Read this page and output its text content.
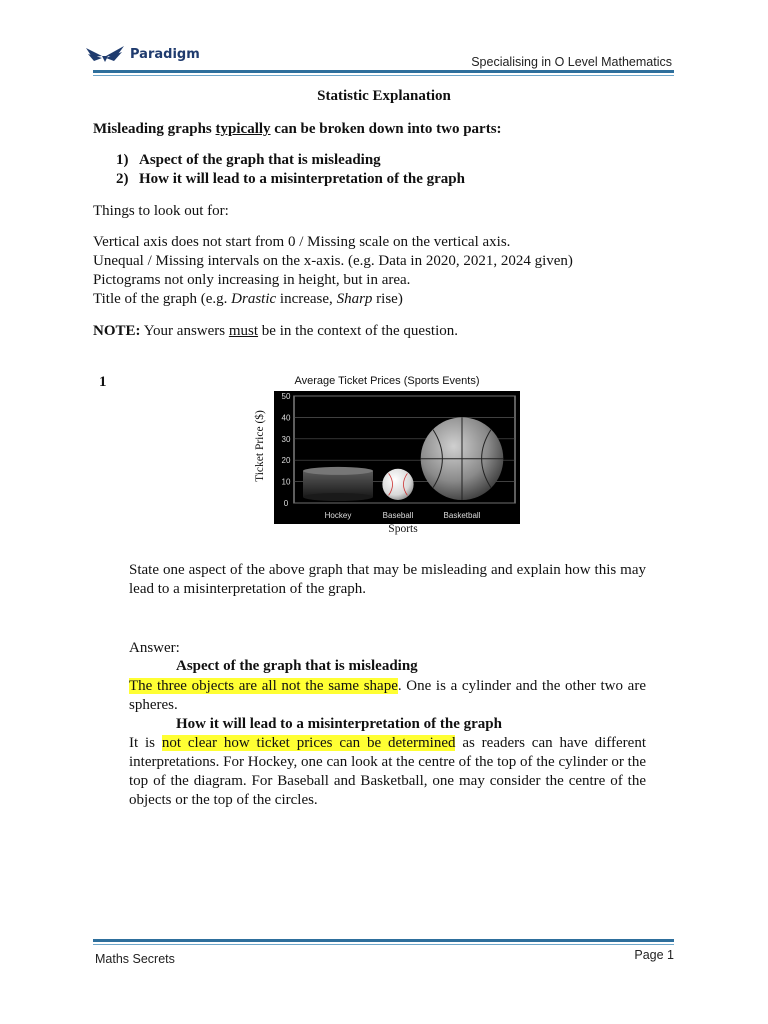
Paradigm
Specialising in O Level Mathematics
Statistic Explanation
Misleading graphs typically can be broken down into two parts:
1) Aspect of the graph that is misleading
2) How it will lead to a misinterpretation of the graph
Things to look out for:
Vertical axis does not start from 0 / Missing scale on the vertical axis.
Unequal / Missing intervals on the x-axis. (e.g. Data in 2020, 2021, 2024 given)
Pictograms not only increasing in height, but in area.
Title of the graph (e.g. Drastic increase, Sharp rise)
NOTE: Your answers must be in the context of the question.
1	Average Ticket Prices (Sports Events)
Ticket Price ($)
0
10
20
30
40
50
Hockey	Baseball	Basketball
Sports
State one aspect of the above graph that may be misleading and explain how this may lead to a misinterpretation of the graph.
Answer:
Aspect of the graph that is misleading
The three objects are all not the same shape. One is a cylinder and the other two are spheres.
How it will lead to a misinterpretation of the graph
It is not clear how ticket prices can be determined as readers can have different interpretations. For Hockey, one can look at the centre of the top of the cylinder or the top of the diagram. For Baseball and Basketball, one may consider the centre of the objects or the top of the circles.
Maths Secrets	Page 1
